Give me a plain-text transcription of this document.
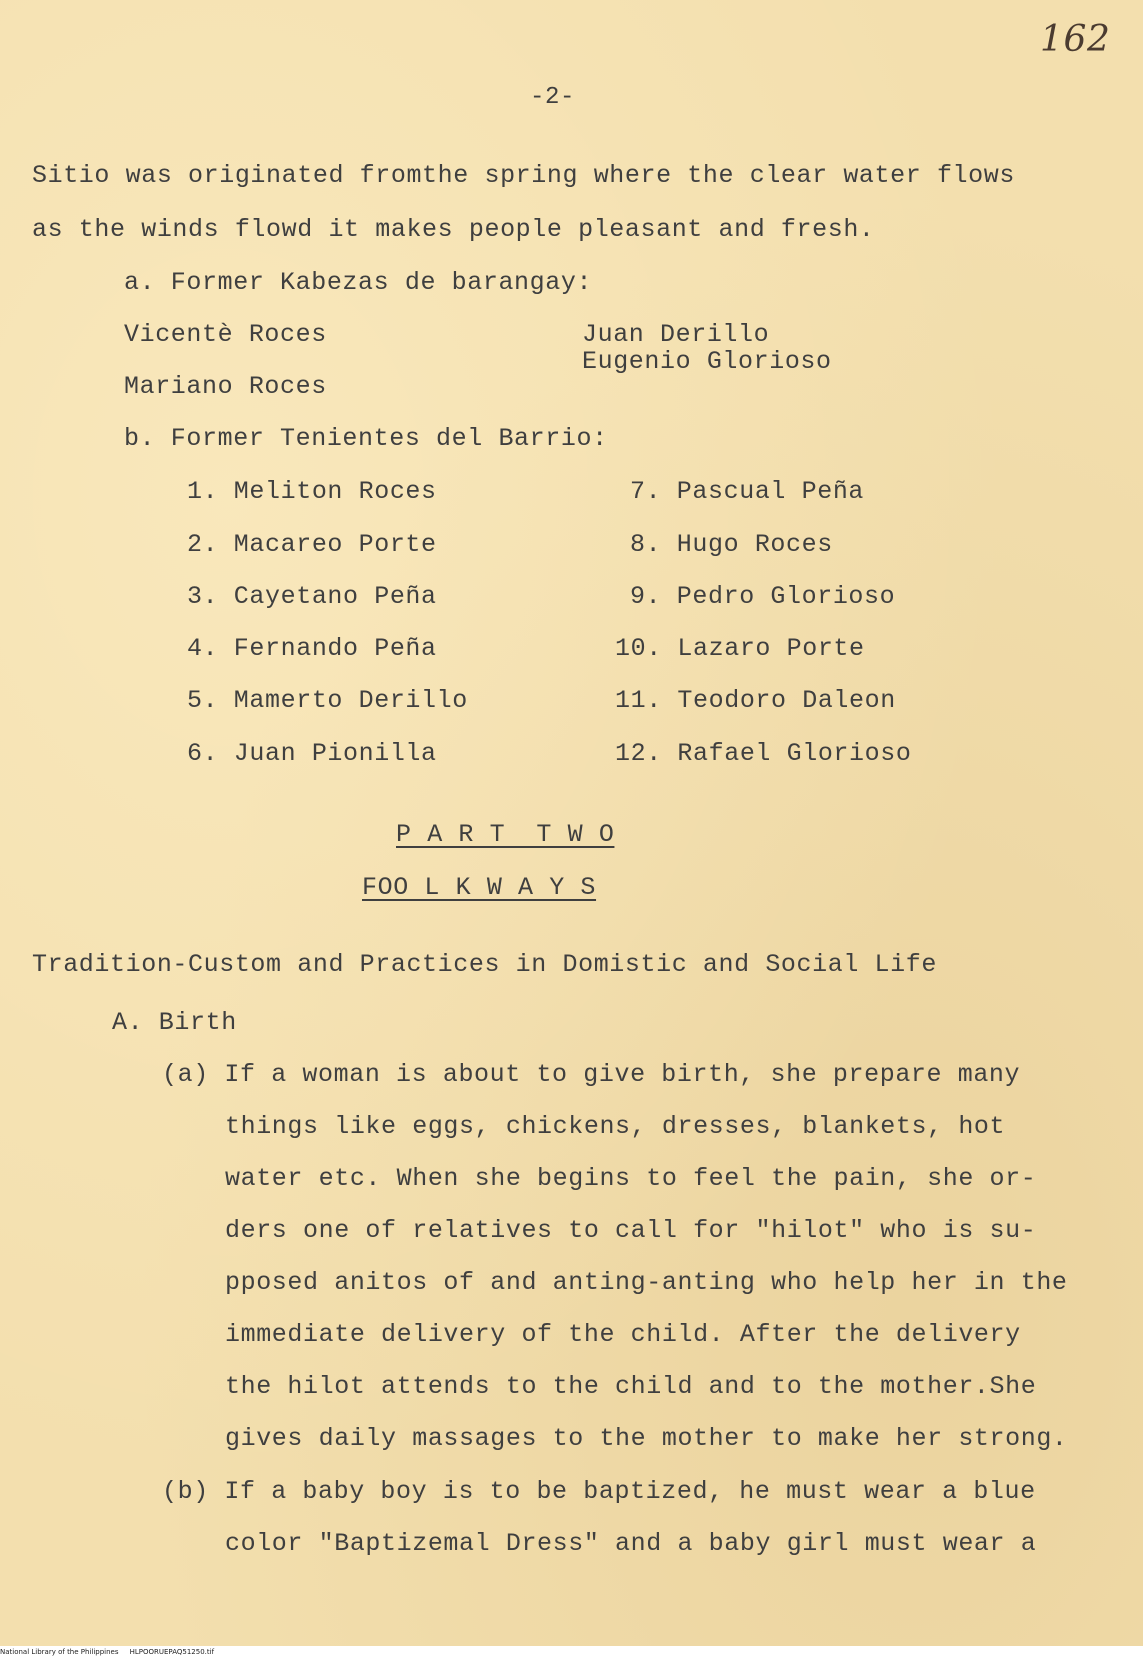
162
-2-
Sitio was originated fromthe spring where the clear water flows
as the winds flowd it makes people pleasant and fresh.
a. Former Kabezas de barangay:
Vicentè Roces
Mariano Roces
Juan Derillo
Eugenio Glorioso
b. Former Tenientes del Barrio:
1. Meliton Roces
2. Macareo Porte
3. Cayetano Peña
4. Fernando Peña
5. Mamerto Derillo
6. Juan Pionilla
7. Pascual Peña
8. Hugo Roces
9. Pedro Glorioso
10. Lazaro Porte
11. Teodoro Daleon
12. Rafael Glorioso
P A R T  T W O
FOO L K W A Y S
Tradition-Custom and Practices in Domistic and Social Life
A. Birth
(a) If a woman is about to give birth, she prepare many
things like eggs, chickens, dresses, blankets, hot
water etc. When she begins to feel the pain, she or-
ders one of relatives to call for "hilot" who is su-
pposed anitos of and anting-anting who help her in the
immediate delivery of the child. After the delivery
the hilot attends to the child and to the mother.She
gives daily massages to the mother to make her strong.
(b) If a baby boy is to be baptized, he must wear a blue
color "Baptizemal Dress" and a baby girl must wear a
National Library of the Philippines     HLPOORUEPAQ51250.tif
